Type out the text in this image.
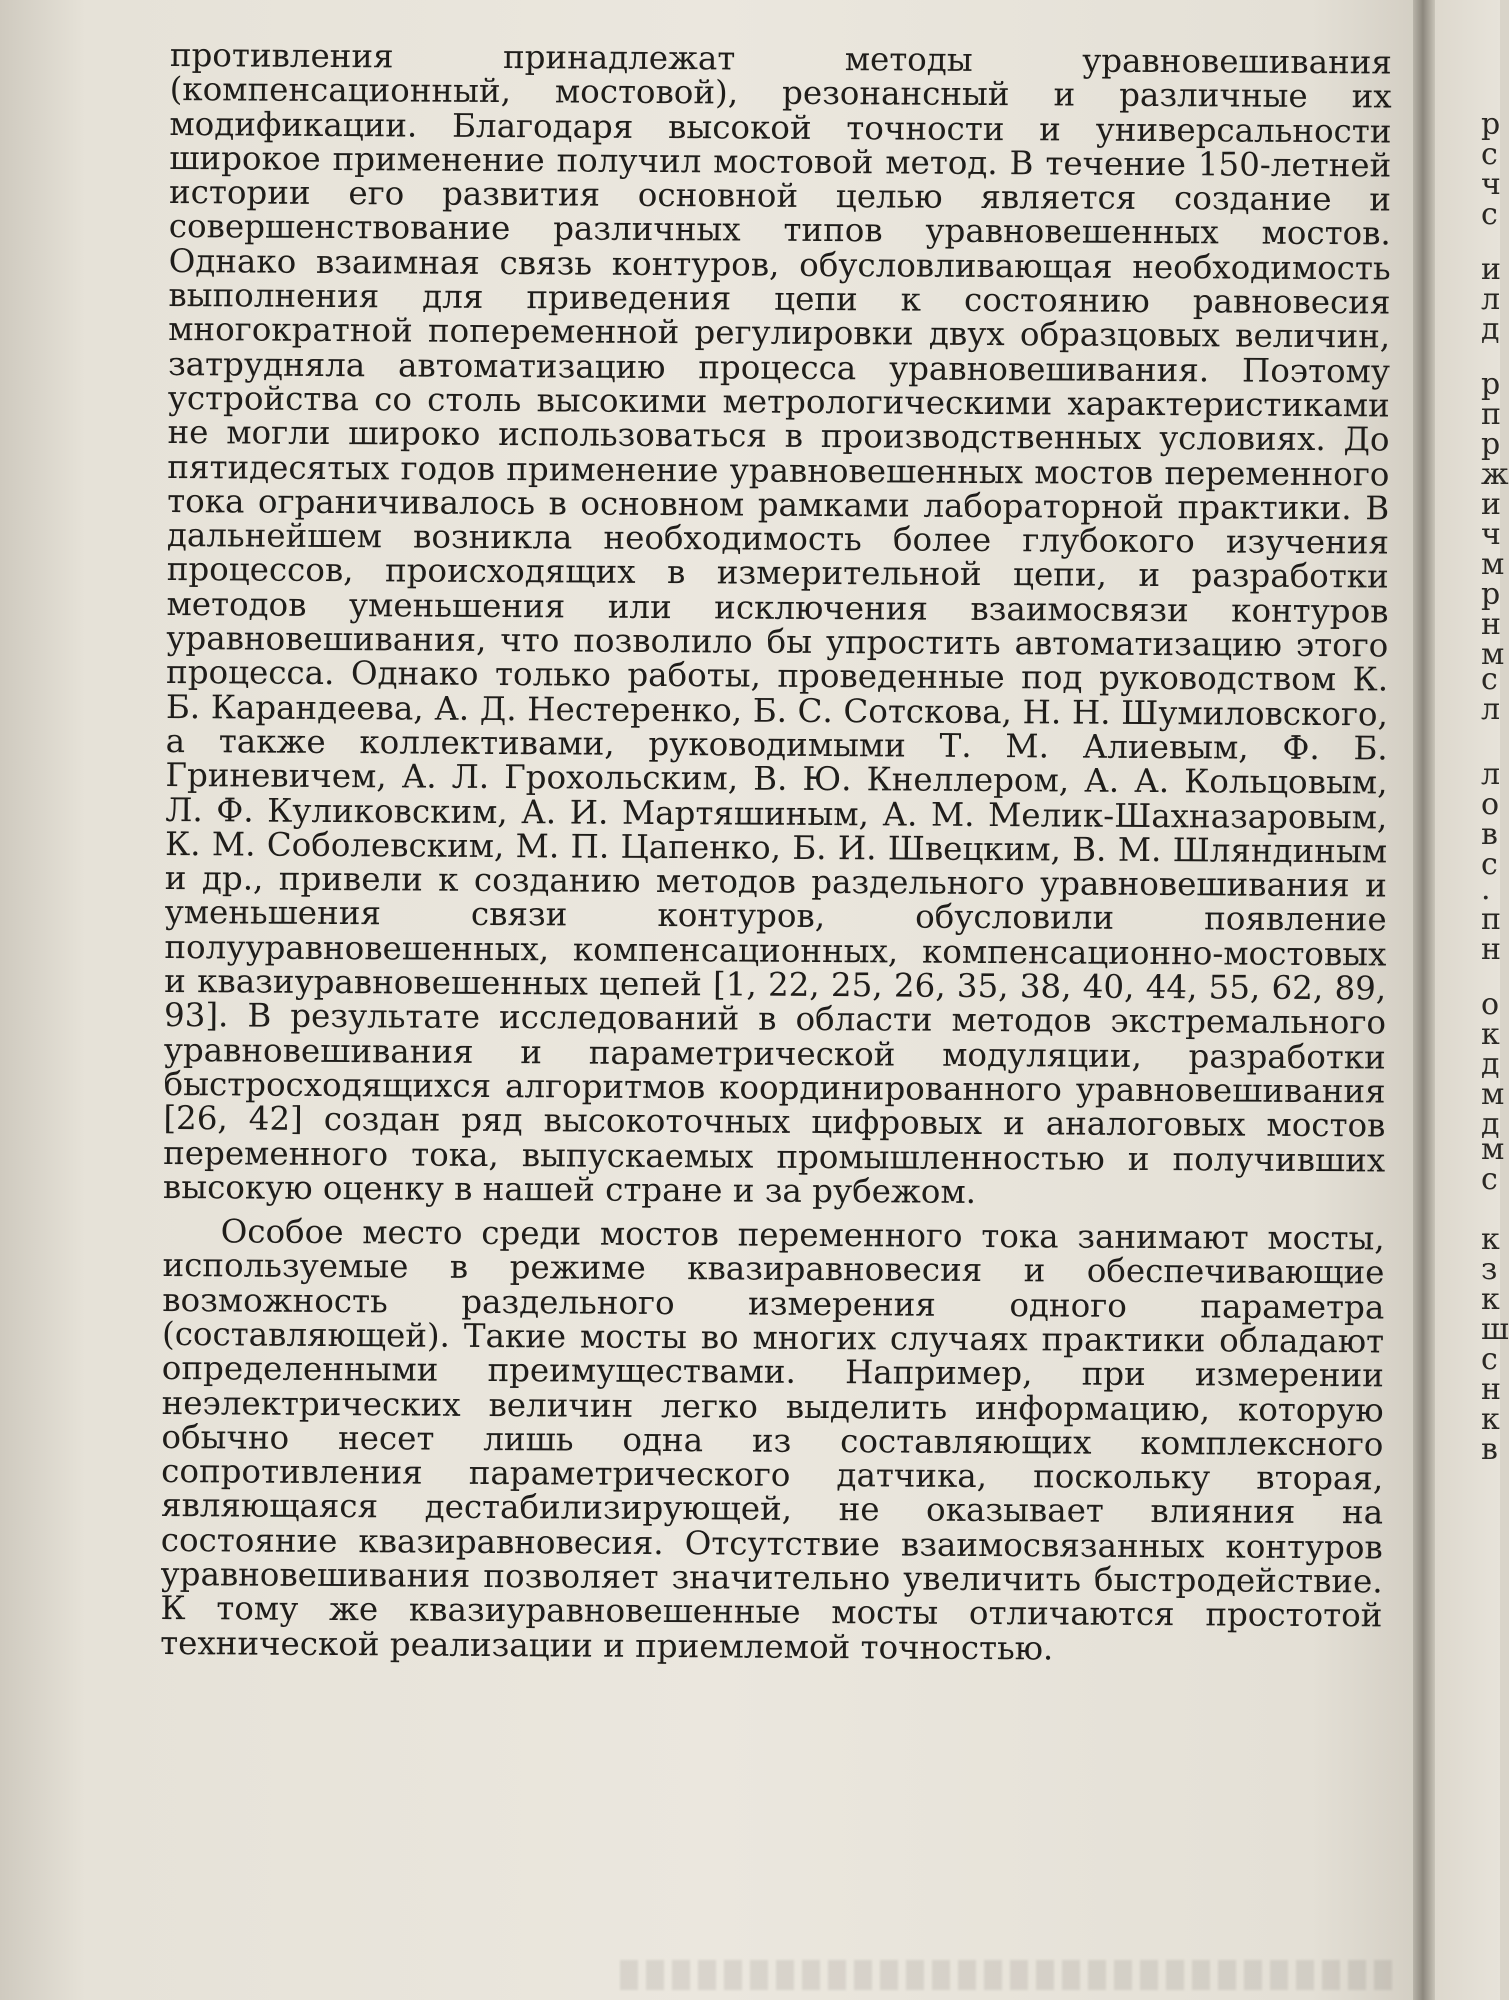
противления принадлежат методы уравновешивания (компенсационный, мостовой), резонансный и различные их модификации. Благодаря высокой точности и универсальности широкое применение получил мостовой метод. В течение 150-летней истории его развития основной целью является создание и совершенствование различных типов уравновешенных мостов. Однако взаимная связь контуров, обусловливающая необходимость выполнения для приведения цепи к состоянию равновесия многократной попеременной регулировки двух образцовых величин, затрудняла автоматизацию процесса уравновешивания. Поэтому устройства со столь высокими метрологическими характеристиками не могли широко использоваться в производственных условиях. До пятидесятых годов применение уравновешенных мостов переменного тока ограничивалось в основном рамками лабораторной практики. В дальнейшем возникла необходимость более глубокого изучения процессов, происходящих в измерительной цепи, и разработки методов уменьшения или исключения взаимосвязи контуров уравновешивания, что позволило бы упростить автоматизацию этого процесса. Однако только работы, проведенные под руководством К. Б. Карандеева, А. Д. Нестеренко, Б. С. Сотскова, Н. Н. Шумиловского, а также коллективами, руководимыми Т. М. Алиевым, Ф. Б. Гриневичем, А. Л. Грохольским, В. Ю. Кнеллером, А. А. Кольцовым, Л. Ф. Куликовским, А. И. Мартяшиным, А. М. Мелик-Шахназаровым, К. М. Соболевским, М. П. Цапенко, Б. И. Швецким, В. М. Шляндиным и др., привели к созданию методов раздельного уравновешивания и уменьшения связи контуров, обусловили появление полууравновешенных, компенсационных, компенсационно-мостовых и квазиуравновешенных цепей [1, 22, 25, 26, 35, 38, 40, 44, 55, 62, 89, 93]. В результате исследований в области методов экстремального уравновешивания и параметрической модуляции, разработки быстросходящихся алгоритмов координированного уравновешивания [26, 42] создан ряд высокоточных цифровых и аналоговых мостов переменного тока, выпускаемых промышленностью и получивших высокую оценку в нашей стране и за рубежом.

Особое место среди мостов переменного тока занимают мосты, используемые в режиме квазиравновесия и обеспечивающие возможность раздельного измерения одного параметра (составляющей). Такие мосты во многих случаях практики обладают определенными преимуществами. Например, при измерении неэлектрических величин легко выделить информацию, которую обычно несет лишь одна из составляющих комплексного сопротивления параметрического датчика, поскольку вторая, являющаяся дестабилизирующей, не оказывает влияния на состояние квазиравновесия. Отсутствие взаимосвязанных контуров уравновешивания позволяет значительно увеличить быстродействие. К тому же квазиуравновешенные мосты отличаются простотой технической реализации и приемлемой точностью.

р
с
ч
с
и
л
д
р
п
р
ж
и
ч
м
р
н
м
с
л
л
о
в
с
.
п
н
о
к
д
м
д
м
с
к
з
к
ш
с
н
к
в
